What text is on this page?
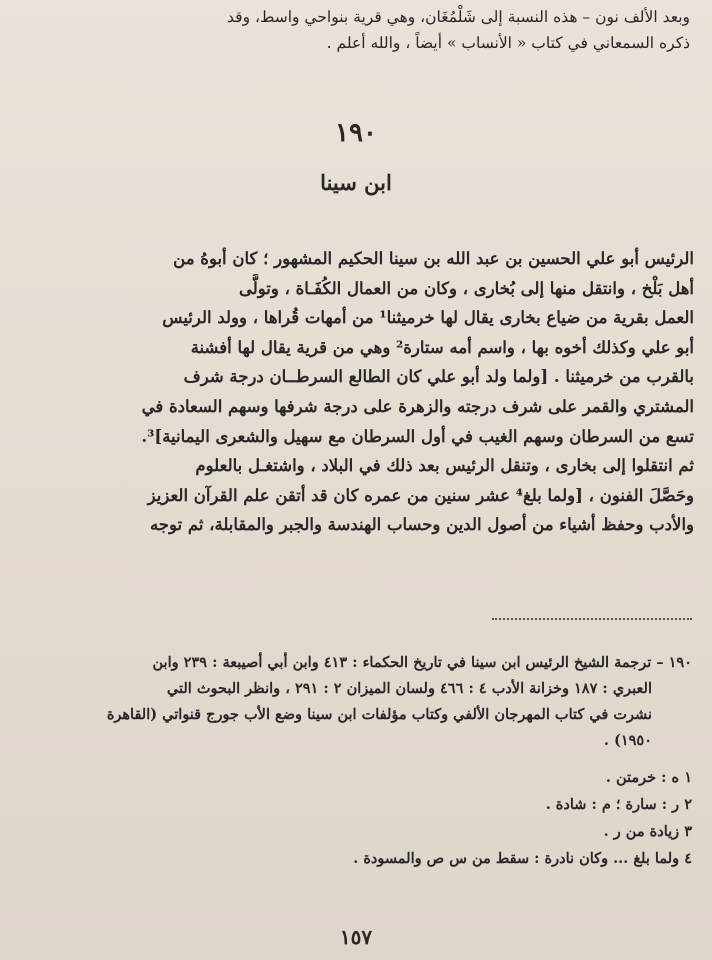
وبعد الألف نون – هذه النسبة إلى شَلْمُغَان، وهي قرية بنواحي واسط، وقد
ذكره السمعاني في كتاب « الأنساب » أيضاً ، والله أعلم .
١٩٠
ابن سينا
الرئيس أبو علي الحسين بن عبد الله بن سينا الحكيم المشهور ؛ كان أبوهُ من
أهل بَلْخ ، وانتقل منها إلى بُخارى ، وكان من العمال الكُفَـاة ، وتولَّى
العمل بقرية من ضياع بخارى يقال لها خرميثنا¹ من أمهات قُراها ، وولد الرئيس
أبو علي وكذلك أخوه بها ، واسم أمه ستارة² وهي من قرية يقال لها أفشنة
بالقرب من خرميثنا . [ولما ولد أبو علي كان الطالع السرطــان درجة شرف
المشتري والقمر على شرف درجته والزهرة على درجة شرفها وسهم السعادة في
تسع من السرطان وسهم الغيب في أول السرطان مع سهيل والشعرى اليمانية]³.
ثم انتقلوا إلى بخارى ، وتنقل الرئيس بعد ذلك في البلاد ، واشتغـل بالعلوم
وحَصَّلَ الفنون ، [ولما بلغ⁴ عشر سنين من عمره كان قد أتقن علم القرآن العزيز
والأدب وحفظ أشياء من أصول الدين وحساب الهندسة والجبر والمقابلة، ثم توجه
١٩٠ – ترجمة الشيخ الرئيس ابن سينا في تاريخ الحكماء : ٤١٣ وابن أبي أصيبعة : ٢٣٩ وابن
العبري : ١٨٧ وخزانة الأدب ٤ : ٤٦٦ ولسان الميزان ٢ : ٢٩١ ، وانظر البحوث التي
نشرت في كتاب المهرجان الألفي وكتاب مؤلفات ابن سينا وضع الأب جورج قنواتي (القاهرة
١٩٥٠) .
١ ه : خرمتن .
٢ ر : سارة ؛ م : شادة .
٣ زيادة من ر .
٤ ولما بلغ ... وكان نادرة : سقط من س ص والمسودة .
١٥٧
